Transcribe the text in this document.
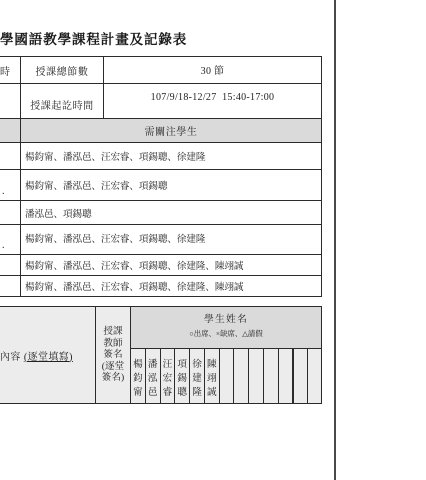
學國語教學課程計畫及記錄表
時	授課總節數	30 節
授課起訖時間
107/9/18-12/27  15:40-17:00
需關注學生
楊鈞甯、潘泓邑、汪宏睿、項錫聰、徐建隆
. 楊鈞甯、潘泓邑、汪宏睿、項錫聰
潘泓邑、項錫聰
.
楊鈞甯、潘泓邑、汪宏睿、項錫聰、徐建隆
楊鈞甯、潘泓邑、汪宏睿、項錫聰、徐建隆、陳翊誠
楊鈞甯、潘泓邑、汪宏睿、項錫聰、徐建隆、陳翊誠
內容 (逐堂填寫)
授課
教師
簽名
(逐堂
簽名)
學生姓名
○出席、×缺席、△請假
楊鈞甯
潘泓邑
汪宏睿
項錫聰
徐建隆
陳翊誠
